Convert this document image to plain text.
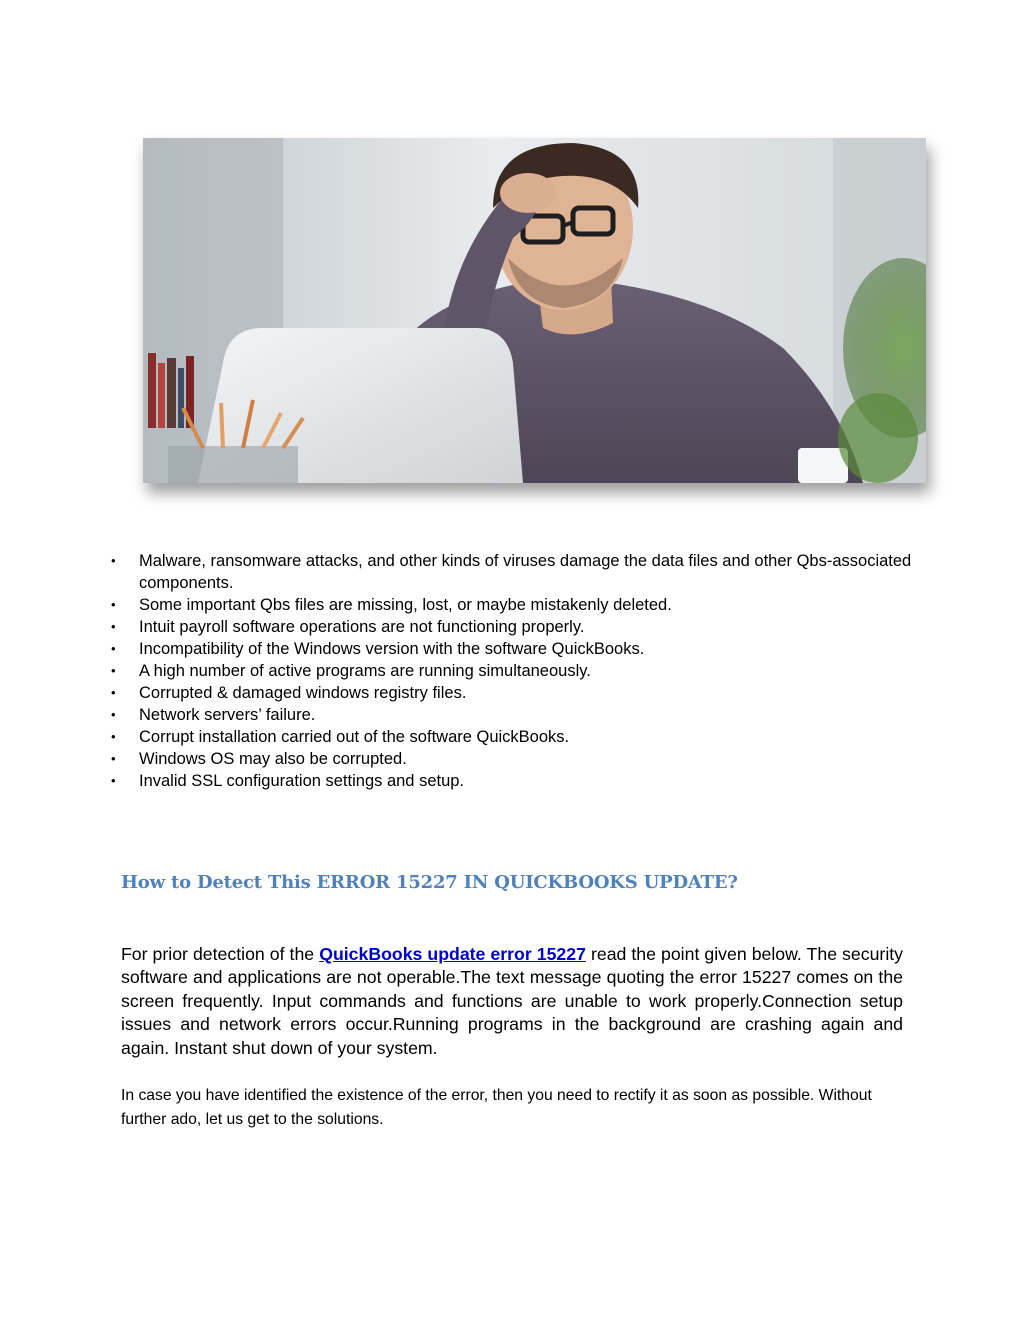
• Malware, ransomware attacks, and other kinds of viruses damage the data files and other Qbs-associated components.
• Some important Qbs files are missing, lost, or maybe mistakenly deleted.
• Intuit payroll software operations are not functioning properly.
• Incompatibility of the Windows version with the software QuickBooks.
• A high number of active programs are running simultaneously.
• Corrupted & damaged windows registry files.
• Network servers’ failure.
• Corrupt installation carried out of the software QuickBooks.
• Windows OS may also be corrupted.
• Invalid SSL configuration settings and setup.
How to Detect This ERROR 15227 IN QUICKBOOKS UPDATE?

For prior detection of the QuickBooks update error 15227 read the point given below. The security software and applications are not operable.The text message quoting the error 15227 comes on the screen frequently. Input commands and functions are unable to work properly.Connection setup issues and network errors occur.Running programs in the background are crashing again and again. Instant shut down of your system.

In case you have identified the existence of the error, then you need to rectify it as soon as possible. Without further ado, let us get to the solutions.
